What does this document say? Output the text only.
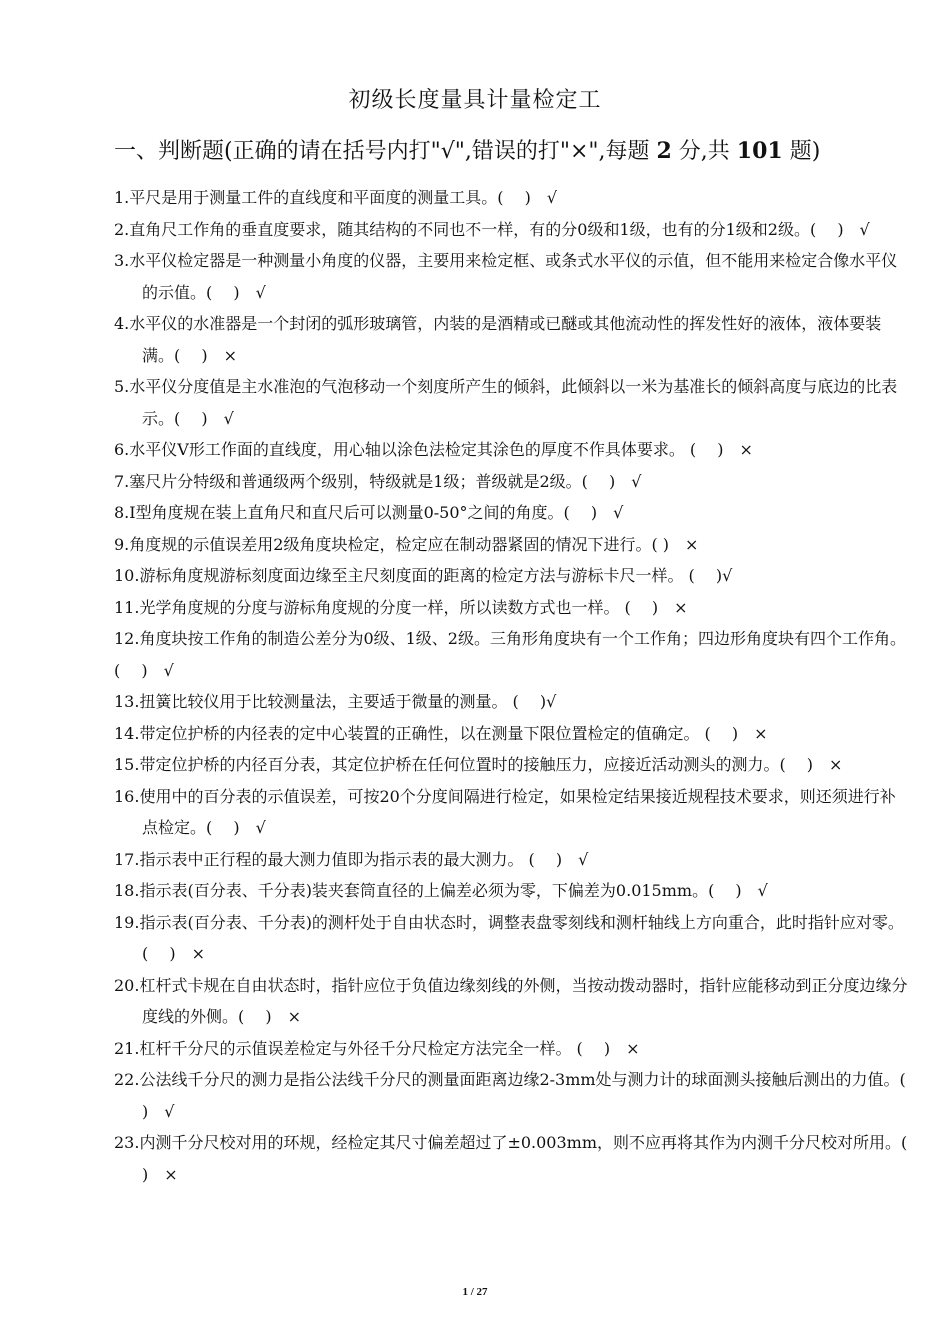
初级长度量具计量检定工
一、判断题(正确的请在括号内打"√",错误的打"×",每题 2 分,共 101 题)
1.平尺是用于测量工件的直线度和平面度的测量工具。(　 )　√
2.直角尺工作角的垂直度要求，随其结构的不同也不一样，有的分0级和1级，也有的分1级和2级。(　 )　√
3.水平仪检定器是一种测量小角度的仪器，主要用来检定框、或条式水平仪的示值，但不能用来检定合像水平仪的示值。(　 )　√
4.水平仪的水准器是一个封闭的弧形玻璃管，内装的是酒精或已醚或其他流动性的挥发性好的液体，液体要装满。(　 )　×
5.水平仪分度值是主水准泡的气泡移动一个刻度所产生的倾斜，此倾斜以一米为基准长的倾斜高度与底边的比表示。(　 )　√
6.水平仪V形工作面的直线度，用心轴以涂色法检定其涂色的厚度不作具体要求。 (　 )　×
7.塞尺片分特级和普通级两个级别，特级就是1级；普级就是2级。(　 )　√
8.Ⅰ型角度规在装上直角尺和直尺后可以测量0-50°之间的角度。(　 )　√
9.角度规的示值误差用2级角度块检定，检定应在制动器紧固的情况下进行。( )　×
10.游标角度规游标刻度面边缘至主尺刻度面的距离的检定方法与游标卡尺一样。 (　 )√
11.光学角度规的分度与游标角度规的分度一样，所以读数方式也一样。 (　 )　×
12.角度块按工作角的制造公差分为0级、1级、2级。三角形角度块有一个工作角；四边形角度块有四个工作角。(　 )　√
13.扭簧比较仪用于比较测量法，主要适于微量的测量。 (　 )√
14.带定位护桥的内径表的定中心装置的正确性，以在测量下限位置检定的值确定。 (　 )　×
15.带定位护桥的内径百分表，其定位护桥在任何位置时的接触压力，应接近活动测头的测力。(　 )　×
16.使用中的百分表的示值误差，可按20个分度间隔进行检定，如果检定结果接近规程技术要求，则还须进行补点检定。(　 )　√
17.指示表中正行程的最大测力值即为指示表的最大测力。 (　 )　√
18.指示表(百分表、千分表)装夹套筒直径的上偏差必须为零，下偏差为0.015mm。(　 )　√
19.指示表(百分表、千分表)的测杆处于自由状态时，调整表盘零刻线和测杆轴线上方向重合，此时指针应对零。(　 )　×
20.杠杆式卡规在自由状态时，指针应位于负值边缘刻线的外侧，当按动拨动器时，指针应能移动到正分度边缘分度线的外侧。(　 )　×
21.杠杆千分尺的示值误差检定与外径千分尺检定方法完全一样。 (　 )　×
22.公法线千分尺的测力是指公法线千分尺的测量面距离边缘2-3mm处与测力计的球面测头接触后测出的力值。(　 )　√
23.内测千分尺校对用的环规，经检定其尺寸偏差超过了±0.003mm，则不应再将其作为内测千分尺校对所用。(　 )　×
1 / 27
